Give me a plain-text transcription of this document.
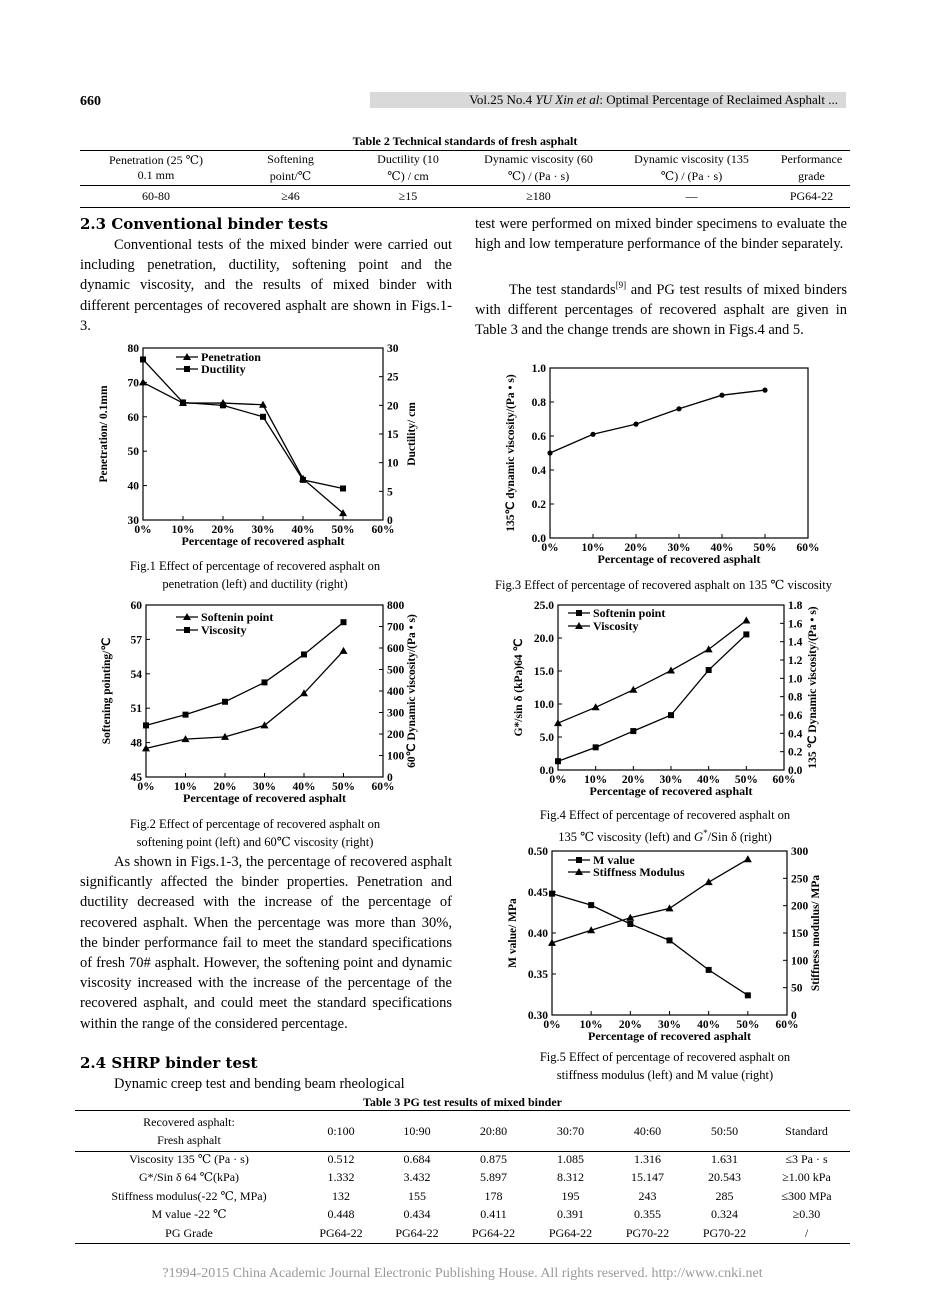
660	Vol.25 No.4 YU Xin et al: Optimal Percentage of Reclaimed Asphalt ...
Table 2 Technical standards of fresh asphalt
Penetration (25 ℃)	Softening	Ductility (10	Dynamic viscosity (60	Dynamic viscosity (135	Performance
0.1 mm	point/℃	℃) / cm	℃) / (Pa · s)	℃) / (Pa · s)	grade
60-80	≥46	≥15	≥180	—	PG64-22
2.3 Conventional binder tests
Conventional tests of the mixed binder were carried out including penetration, ductility, softening point and the dynamic viscosity, and the results of mixed binder with different percentages of recovered asphalt are shown in Figs.1-3.
test were performed on mixed binder specimens to evaluate the high and low temperature performance of the binder separately.
The test standards[9] and PG test results of mixed binders with different percentages of recovered asphalt are given in Table 3 and the change trends are shown in Figs.4 and 5.
0% 10% 20% 30% 40% 50% 60%
Percentage of recovered asphalt
30
40
50
60
70
80
Penetration/ 0.1mm
0
5
10
15
20
25
30
Ductility/ cm
Penetration
Ductility
Fig.1 Effect of percentage of recovered asphalt on
penetration (left) and ductility (right)
0% 10% 20% 30% 40% 50% 60%
Percentage of recovered asphalt
45
48
51
54
57
60
Softening pointing/℃
0
100
200
300
400
500
600
700
800
60℃ Dynamic viscosity/(Pa • s)
Softenin point
Viscosity
Fig.2 Effect of percentage of recovered asphalt on
softening point (left) and 60℃ viscosity (right)
0% 10% 20% 30% 40% 50% 60%
Percentage of recovered asphalt
0.0
0.2
0.4
0.6
0.8
1.0
135℃ dynamic viscosity/(Pa • s)
Fig.3 Effect of percentage of recovered asphalt on 135 ℃ viscosity
0% 10% 20% 30% 40% 50% 60%
Percentage of recovered asphalt
0.0
5.0
10.0
15.0
20.0
25.0
G*/sin δ (kPa)64 ℃
0.0
0.2
0.4
0.6
0.8
1.0
1.2
1.4
1.6
1.8
135 ℃ Dynamic viscosity/(Pa • s)
Softenin point
Viscosity
Fig.4 Effect of percentage of recovered asphalt on
135 ℃ viscosity (left) and G*/Sin δ (right)
0% 10% 20% 30% 40% 50% 60%
Percentage of recovered asphalt
0.30
0.35
0.40
0.45
0.50
M value/ MPa
0
50
100
150
200
250
300
Stiffness modulus/ MPa
M value
Stiffness Modulus
Fig.5 Effect of percentage of recovered asphalt on
stiffness modulus (left) and M value (right)
As shown in Figs.1-3, the percentage of recovered asphalt significantly affected the binder properties. Penetration and ductility decreased with the increase of the percentage of recovered asphalt. When the percentage was more than 30%, the binder performance fail to meet the standard specifications of fresh 70# asphalt. However, the softening point and dynamic viscosity increased with the increase of the percentage of the recovered asphalt, and could meet the standard specifications within the range of the considered percentage.
2.4 SHRP binder test
Dynamic creep test and bending beam rheological
Table 3 PG test results of mixed binder
Recovered asphalt:
Fresh asphalt
	0:100	10:90	20:80	30:70	40:60	50:50	Standard
Viscosity 135 ℃ (Pa · s)	0.512	0.684	0.875	1.085	1.316	1.631	≤3 Pa · s
G*/Sin δ 64 ℃(kPa)	1.332	3.432	5.897	8.312	15.147	20.543	≥1.00 kPa
Stiffness modulus(-22 ℃, MPa)	132	155	178	195	243	285	≤300 MPa
M value -22 ℃	0.448	0.434	0.411	0.391	0.355	0.324	≥0.30
PG Grade	PG64-22	PG64-22	PG64-22	PG64-22	PG70-22	PG70-22	/
?1994-2015 China Academic Journal Electronic Publishing House. All rights reserved. http://www.cnki.net
